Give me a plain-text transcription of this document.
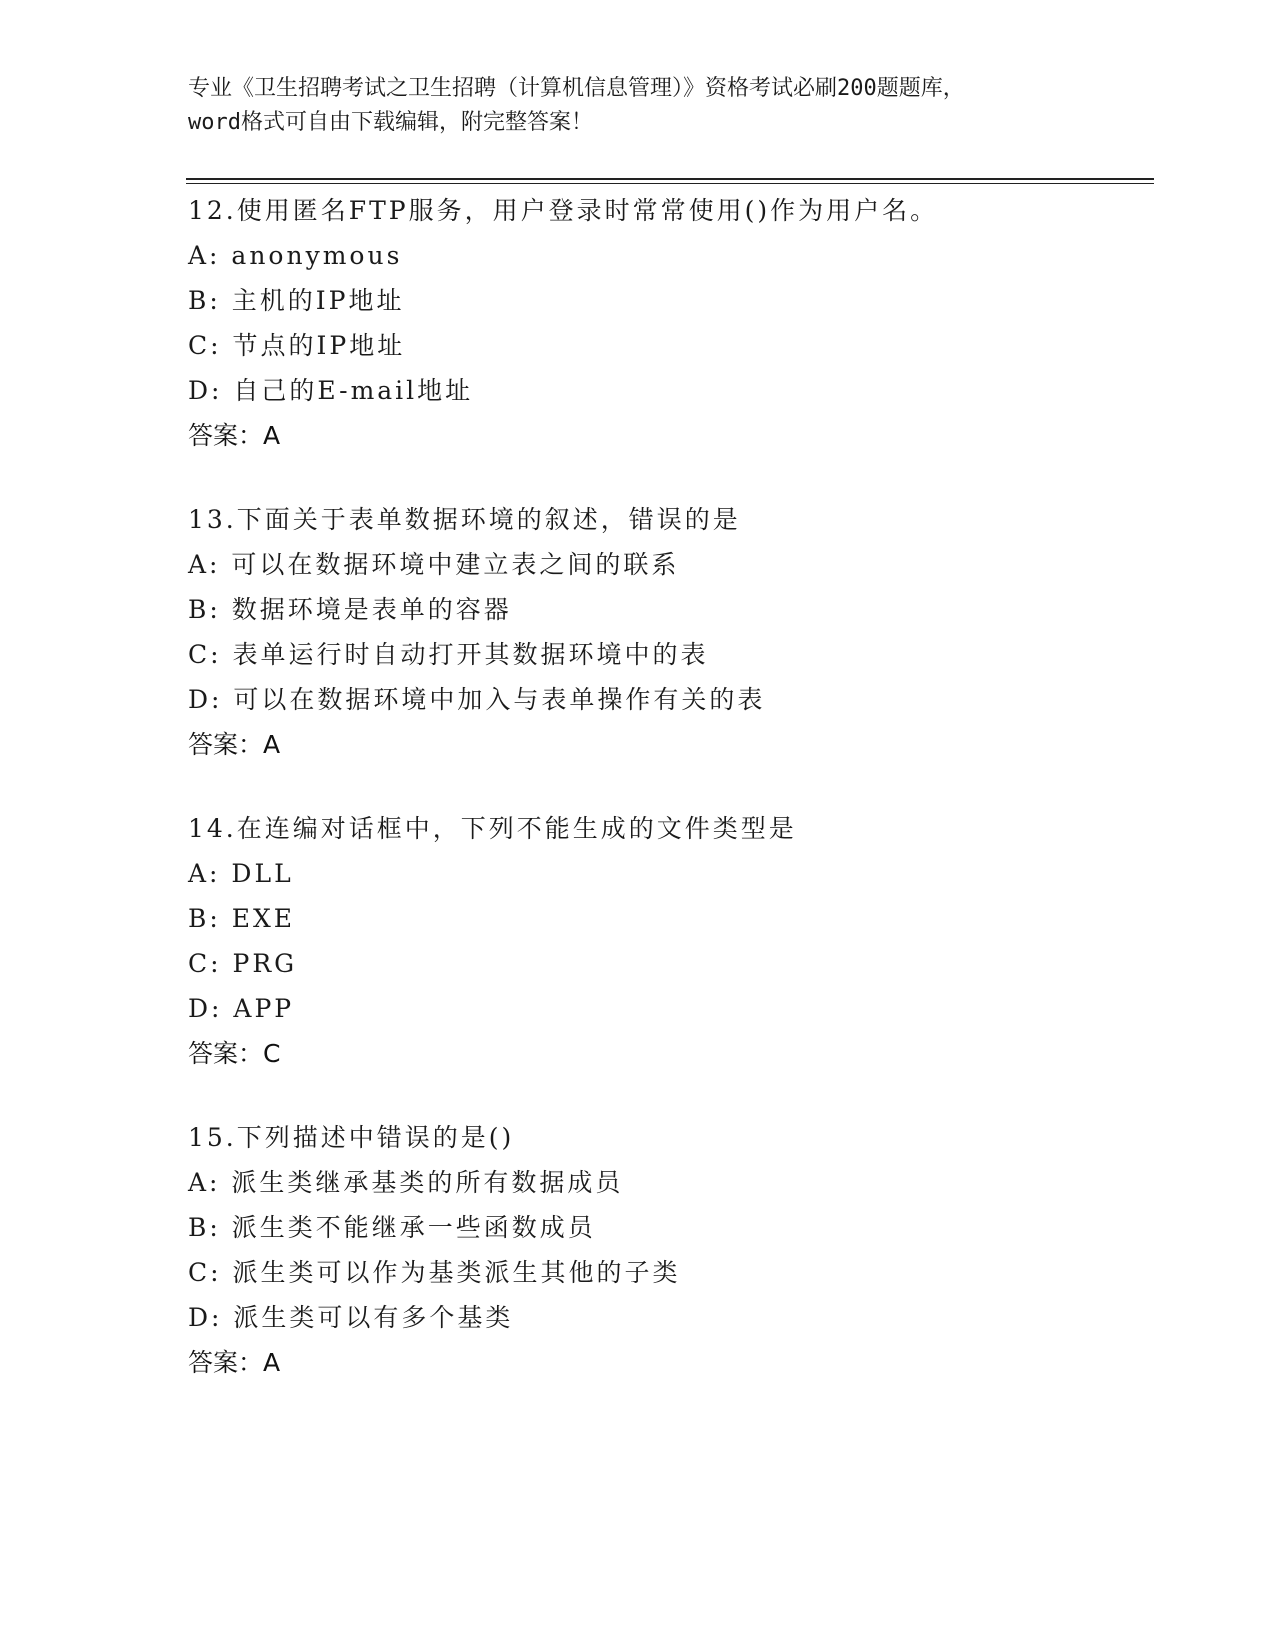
专业《卫生招聘考试之卫生招聘（计算机信息管理）》资格考试必刷200题题库，
word格式可自由下载编辑，附完整答案！
12.使用匿名FTP服务，用户登录时常常使用()作为用户名。
A: anonymous
B: 主机的IP地址
C: 节点的IP地址
D: 自己的E-mail地址
答案：A
13.下面关于表单数据环境的叙述，错误的是
A: 可以在数据环境中建立表之间的联系
B: 数据环境是表单的容器
C: 表单运行时自动打开其数据环境中的表
D: 可以在数据环境中加入与表单操作有关的表
答案：A
14.在连编对话框中，下列不能生成的文件类型是
A: DLL
B: EXE
C: PRG
D: APP
答案：C
15.下列描述中错误的是()
A: 派生类继承基类的所有数据成员
B: 派生类不能继承一些函数成员
C: 派生类可以作为基类派生其他的子类
D: 派生类可以有多个基类
答案：A
